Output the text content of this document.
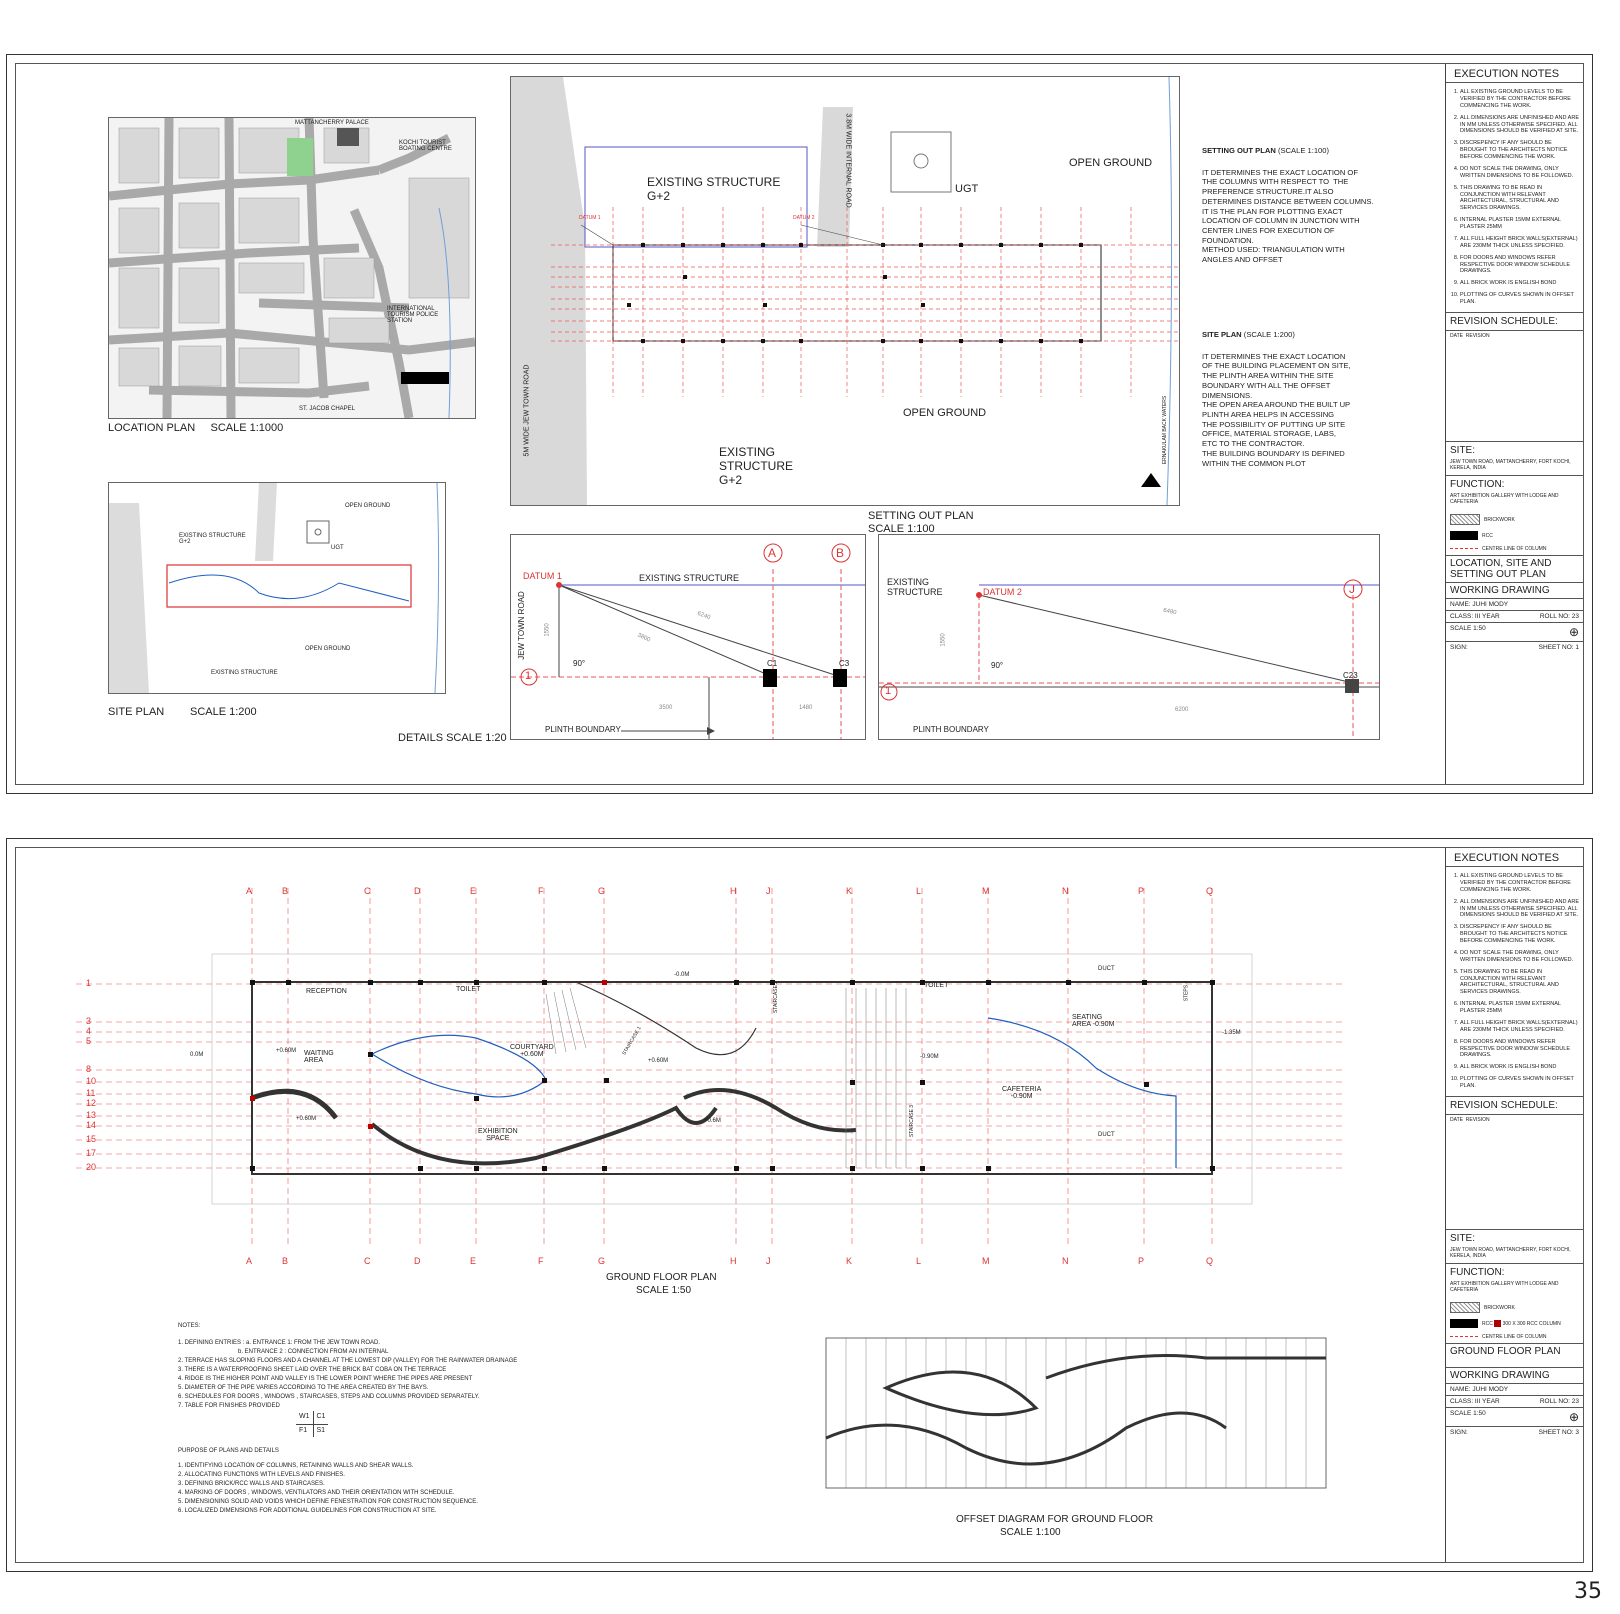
MATTANCHERRY PALACE
KOCHI TOURIST BOATING CENTRE
INTERNATIONAL TOURISM POLICE STATION
ST. JACOB CHAPEL
LOCATION PLAN     SCALE 1:1000
EXISTING STRUCTURE
G+2
UGT
OPEN GROUND
OPEN GROUND
EXISTING STRUCTURE
SITE PLAN SCALE 1:200
EXISTING STRUCTURE
G+2	UGT
OPEN GROUND
OPEN GROUND
EXISTING
STRUCTURE
G+2
3.8M WIDE INTERNAL ROAD
5M WIDE JEW TOWN ROAD	ERNAKULAM BACK WATERS
DATUM 1	DATUM 2
SETTING OUT PLAN
SCALE 1:100
SETTING OUT PLAN (SCALE 1:100)
IT DETERMINES THE EXACT LOCATION OF
THE COLUMNS WITH RESPECT TO  THE
PREFERENCE STRUCTURE.IT ALSO
DETERMINES DISTANCE BETWEEN COLUMNS.
IT IS THE PLAN FOR PLOTTING EXACT
LOCATION OF COLUMN IN JUNCTION WITH
CENTER LINES FOR EXECUTION OF
FOUNDATION.
METHOD USED: TRIANGULATION WITH
ANGLES AND OFFSET
SITE PLAN (SCALE 1:200)
IT DETERMINES THE EXACT LOCATION
OF THE BUILDING PLACEMENT ON SITE,
THE PLINTH AREA WITHIN THE SITE
BOUNDARY WITH ALL THE OFFSET
DIMENSIONS.
THE OPEN AREA AROUND THE BUILT UP
PLINTH AREA HELPS IN ACCESSING
THE POSSIBILITY OF PUTTING UP SITE
OFFICE, MATERIAL STORAGE, LABS,
ETC TO THE CONTRACTOR.
THE BUILDING BOUNDARY IS DEFINED
WITHIN THE COMMON PLOT
DATUM 1	EXISTING STRUCTURE
JEW TOWN ROAD
A	B
1
90°	C1	C3
PLINTH BOUNDARY
1550
6240
3800
3500	1480
DETAILS SCALE 1:20
DATUM 2
EXISTING
STRUCTURE	J
1
90°
C23
PLINTH BOUNDARY
1550
6480
6200
EXECUTION NOTES
1. ALL EXISTING GROUND LEVELS TO BE VERIFIED BY THE CONTRACTOR BEFORE COMMENCING THE WORK.
2. ALL DIMENSIONS ARE UNFINISHED AND ARE IN MM UNLESS OTHERWISE SPECIFIED. ALL DIMENSIONS SHOULD BE VERIFIED AT SITE.
3. DISCREPENCY IF ANY SHOULD BE BROUGHT TO THE ARCHITECTS NOTICE BEFORE COMMENCING THE WORK.
4. DO NOT SCALE THE DRAWING, ONLY WRITTEN DIMENSIONS TO BE FOLLOWED.
5. THIS DRAWING TO BE READ IN CONJUNCTION WITH RELEVANT ARCHITECTURAL, STRUCTURAL AND SERVICES DRAWINGS.
6. INTERNAL PLASTER 15MM EXTERNAL PLASTER 25MM
7. ALL FULL HEIGHT BRICK WALLS(EXTERNAL) ARE 230MM THICK UNLESS SPECIFIED.
8. FOR DOORS AND WINDOWS REFER RESPECTIVE DOOR WINDOW SCHEDULE DRAWINGS.
9. ALL BRICK WORK IS ENGLISH BOND
10. PLOTTING OF CURVES SHOWN IN OFFSET PLAN.
REVISION SCHEDULE:
DATE REVISION
SITE:
JEW TOWN ROAD, MATTANCHERRY, FORT KOCHI, KERELA, INDIA
FUNCTION:
ART EXHIBITION GALLERY WITH LODGE AND CAFETERIA
BRICKWORK
RCC
CENTRE LINE OF COLUMN
LOCATION, SITE AND SETTING OUT PLAN
WORKING DRAWING
NAME: JUHI MODY
CLASS: III YEAR	ROLL NO: 23
SCALE 1:50	⊕
SIGN:	SHEET NO: 1
A	B	C	D	E	F	G	H	J	K	L	M	N	P	Q
A	B	C	D	E	F	G	H	J	K	L	M	N	P	Q
1
3
4
5
8
10
11
12
13
14
15
17
20
RECEPTION
WAITING
AREA
TOILET
TOILET
COURTYARD
+0.60M
EXHIBITION
SPACE
SEATING
AREA -0.90M
CAFETERIA
-0.90M
DUCT
DUCT
STAIRCASE 1
STAIRCASE 2
STAIRCASE 3
STEPS 4
-0.0M
+0.60M
+0.60M
+0.60M	+0.6M
-0.90M
-1.35M
0.0M
GROUND FLOOR PLAN
SCALE 1:50
NOTES:
1. DEFINING ENTRIES : a. ENTRANCE 1: FROM THE JEW TOWN ROAD.
b. ENTRANCE 2 : CONNECTION FROM AN INTERNAL
2. TERRACE HAS SLOPING FLOORS AND A CHANNEL AT THE LOWEST DIP (VALLEY) FOR THE RAINWATER DRAINAGE
3. THERE IS A WATERPROOFING SHEET LAID OVER THE BRICK BAT COBA ON THE TERRACE
4. RIDGE IS THE HIGHER POINT AND VALLEY IS THE LOWER POINT WHERE THE PIPES ARE PRESENT
5. DIAMETER OF THE PIPE VARIES ACCORDING TO THE AREA CREATED BY THE BAYS.
6. SCHEDULES FOR DOORS , WINDOWS , STAIRCASES, STEPS AND COLUMNS PROVIDED SEPARATELY.
7. TABLE FOR FINISHES PROVIDED
W1	C1
F1	S1
PURPOSE OF PLANS AND DETAILS
1. IDENTIFYING LOCATION OF COLUMNS, RETAINING WALLS AND SHEAR WALLS.
2. ALLOCATING FUNCTIONS WITH LEVELS AND FINISHES.
3. DEFINING BRICK/RCC WALLS AND STAIRCASES.
4. MARKING OF DOORS , WINDOWS, VENTILATORS AND THEIR ORIENTATION WITH SCHEDULE.
5. DIMENSIONING SOLID AND VOIDS WHICH DEFINE FENESTRATION FOR CONSTRUCTION SEQUENCE.
6. LOCALIZED DIMENSIONS FOR ADDITIONAL GUIDELINES FOR CONSTRUCTION AT SITE.
OFFSET DIAGRAM FOR GROUND FLOOR
SCALE 1:100
EXECUTION NOTES
1. ALL EXISTING GROUND LEVELS TO BE VERIFIED BY THE CONTRACTOR BEFORE COMMENCING THE WORK.
2. ALL DIMENSIONS ARE UNFINISHED AND ARE IN MM UNLESS OTHERWISE SPECIFIED. ALL DIMENSIONS SHOULD BE VERIFIED AT SITE.
3. DISCREPENCY IF ANY SHOULD BE BROUGHT TO THE ARCHITECTS NOTICE BEFORE COMMENCING THE WORK.
4. DO NOT SCALE THE DRAWING, ONLY WRITTEN DIMENSIONS TO BE FOLLOWED.
5. THIS DRAWING TO BE READ IN CONJUNCTION WITH RELEVANT ARCHITECTURAL, STRUCTURAL AND SERVICES DRAWINGS.
6. INTERNAL PLASTER 15MM EXTERNAL PLASTER 25MM
7. ALL FULL HEIGHT BRICK WALLS(EXTERNAL) ARE 230MM THICK UNLESS SPECIFIED.
8. FOR DOORS AND WINDOWS REFER RESPECTIVE DOOR WINDOW SCHEDULE DRAWINGS.
9. ALL BRICK WORK IS ENGLISH BOND
10. PLOTTING OF CURVES SHOWN IN OFFSET PLAN.
REVISION SCHEDULE:
DATE REVISION
SITE:
JEW TOWN ROAD, MATTANCHERRY, FORT KOCHI, KERELA, INDIA
FUNCTION:
ART EXHIBITION GALLERY WITH LODGE AND CAFETERIA
BRICKWORK
RCC 300 X 300 RCC COLUMN
CENTRE LINE OF COLUMN
GROUND FLOOR PLAN
WORKING DRAWING
NAME: JUHI MODY
CLASS: III YEAR	ROLL NO: 23
SCALE 1:50	⊕
SIGN:	SHEET NO: 3
35
